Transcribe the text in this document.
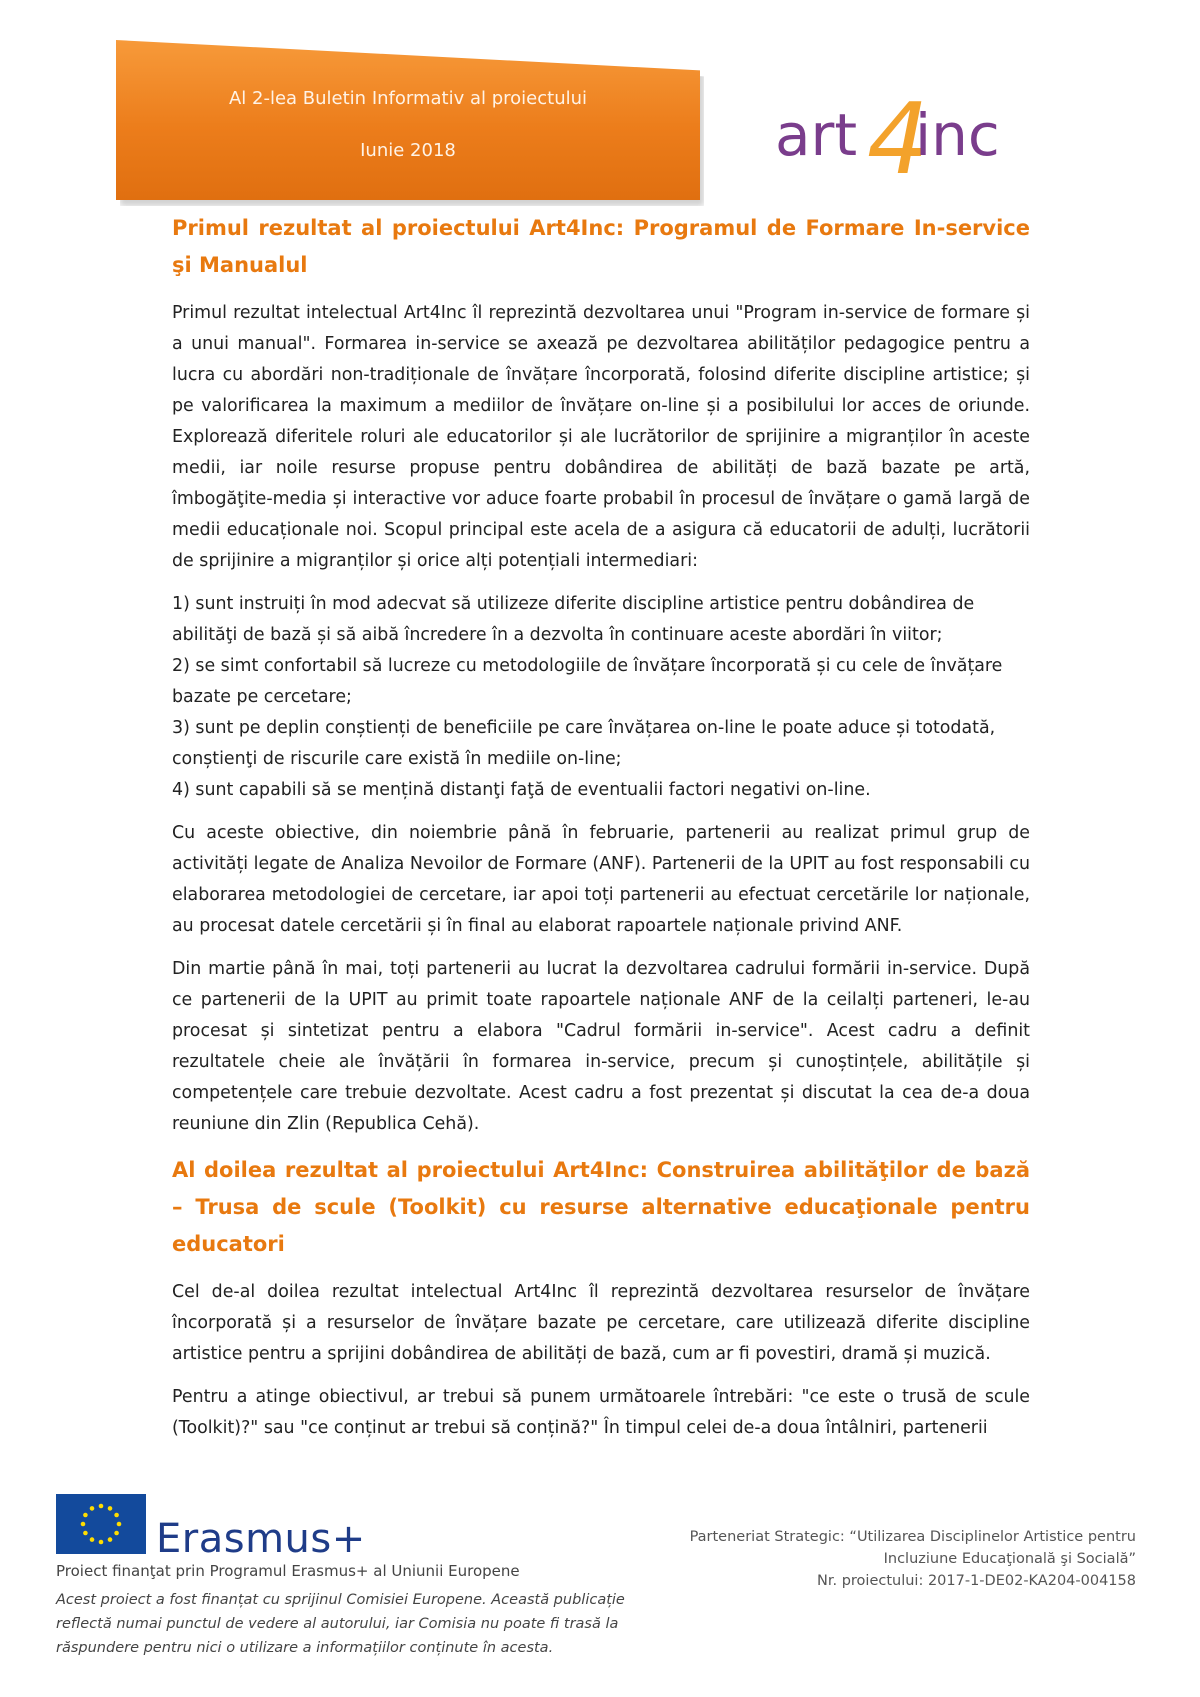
Al 2-lea Buletin Informativ al proiectului
Iunie 2018	art 4
inc
Primul rezultat al proiectului Art4Inc: Programul de Formare In-service şi Manualul

Primul rezultat intelectual Art4Inc îl reprezintă dezvoltarea unui "Program in-service de formare și a unui manual". Formarea in-service se axează pe dezvoltarea abilităților pedagogice pentru a lucra cu abordări non-tradiționale de învățare încorporată, folosind diferite discipline artistice; și pe valorificarea la maximum a mediilor de învățare on-line și a posibilului lor acces de oriunde. Explorează diferitele roluri ale educatorilor și ale lucrătorilor de sprijinire a migranților în aceste medii, iar noile resurse propuse pentru dobândirea de abilități de bază bazate pe artă, îmbogăţite-media și interactive vor aduce foarte probabil în procesul de învățare o gamă largă de medii educaționale noi. Scopul principal este acela de a asigura că educatorii de adulți, lucrătorii de sprijinire a migranților și orice alți potențiali intermediari:

1) sunt instruiți în mod adecvat să utilizeze diferite discipline artistice pentru dobândirea de abilităţi de bază și să aibă încredere în a dezvolta în continuare aceste abordări în viitor;

2) se simt confortabil să lucreze cu metodologiile de învățare încorporată și cu cele de învățare bazate pe cercetare;

3) sunt pe deplin conștienți de beneficiile pe care învățarea on-line le poate aduce și totodată, conștienţi de riscurile care există în mediile on-line;

4) sunt capabili să se mențină distanţi faţă de eventualii factori negativi on-line.

Cu aceste obiective, din noiembrie până în februarie, partenerii au realizat primul grup de activități legate de Analiza Nevoilor de Formare (ANF). Partenerii de la UPIT au fost responsabili cu elaborarea metodologiei de cercetare, iar apoi toți partenerii au efectuat cercetările lor naționale, au procesat datele cercetării și în final au elaborat rapoartele naționale privind ANF.

Din martie până în mai, toți partenerii au lucrat la dezvoltarea cadrului formării in-service. După ce partenerii de la UPIT au primit toate rapoartele naționale ANF de la ceilalți parteneri, le-au procesat și sintetizat pentru a elabora "Cadrul formării in-service". Acest cadru a definit rezultatele cheie ale învățării în formarea in-service, precum și cunoștințele, abilitățile și competențele care trebuie dezvoltate. Acest cadru a fost prezentat și discutat la cea de-a doua reuniune din Zlin (Republica Cehă).

Al doilea rezultat al proiectului Art4Inc: Construirea abilităţilor de bază – Trusa de scule (Toolkit) cu resurse alternative educaţionale pentru educatori

Cel de-al doilea rezultat intelectual Art4Inc îl reprezintă dezvoltarea resurselor de învățare încorporată și a resurselor de învățare bazate pe cercetare, care utilizează diferite discipline artistice pentru a sprijini dobândirea de abilități de bază, cum ar fi povestiri, dramă și muzică.

Pentru a atinge obiectivul, ar trebui să punem următoarele întrebări: "ce este o trusă de scule (Toolkit)?" sau "ce conținut ar trebui să conțină?" În timpul celei de-a doua întâlniri, partenerii

Erasmus+
Proiect finanţat prin Programul Erasmus+ al Uniunii Europene
Acest proiect a fost finanțat cu sprijinul Comisiei Europene. Această publicație reflectă numai punctul de vedere al autorului, iar Comisia nu poate fi trasă la răspundere pentru nici o utilizare a informațiilor conținute în acesta.
Parteneriat Strategic: “Utilizarea Disciplinelor Artistice pentru
Incluziune Educaţională şi Socială”
Nr. proiectului: 2017-1-DE02-KA204-004158
